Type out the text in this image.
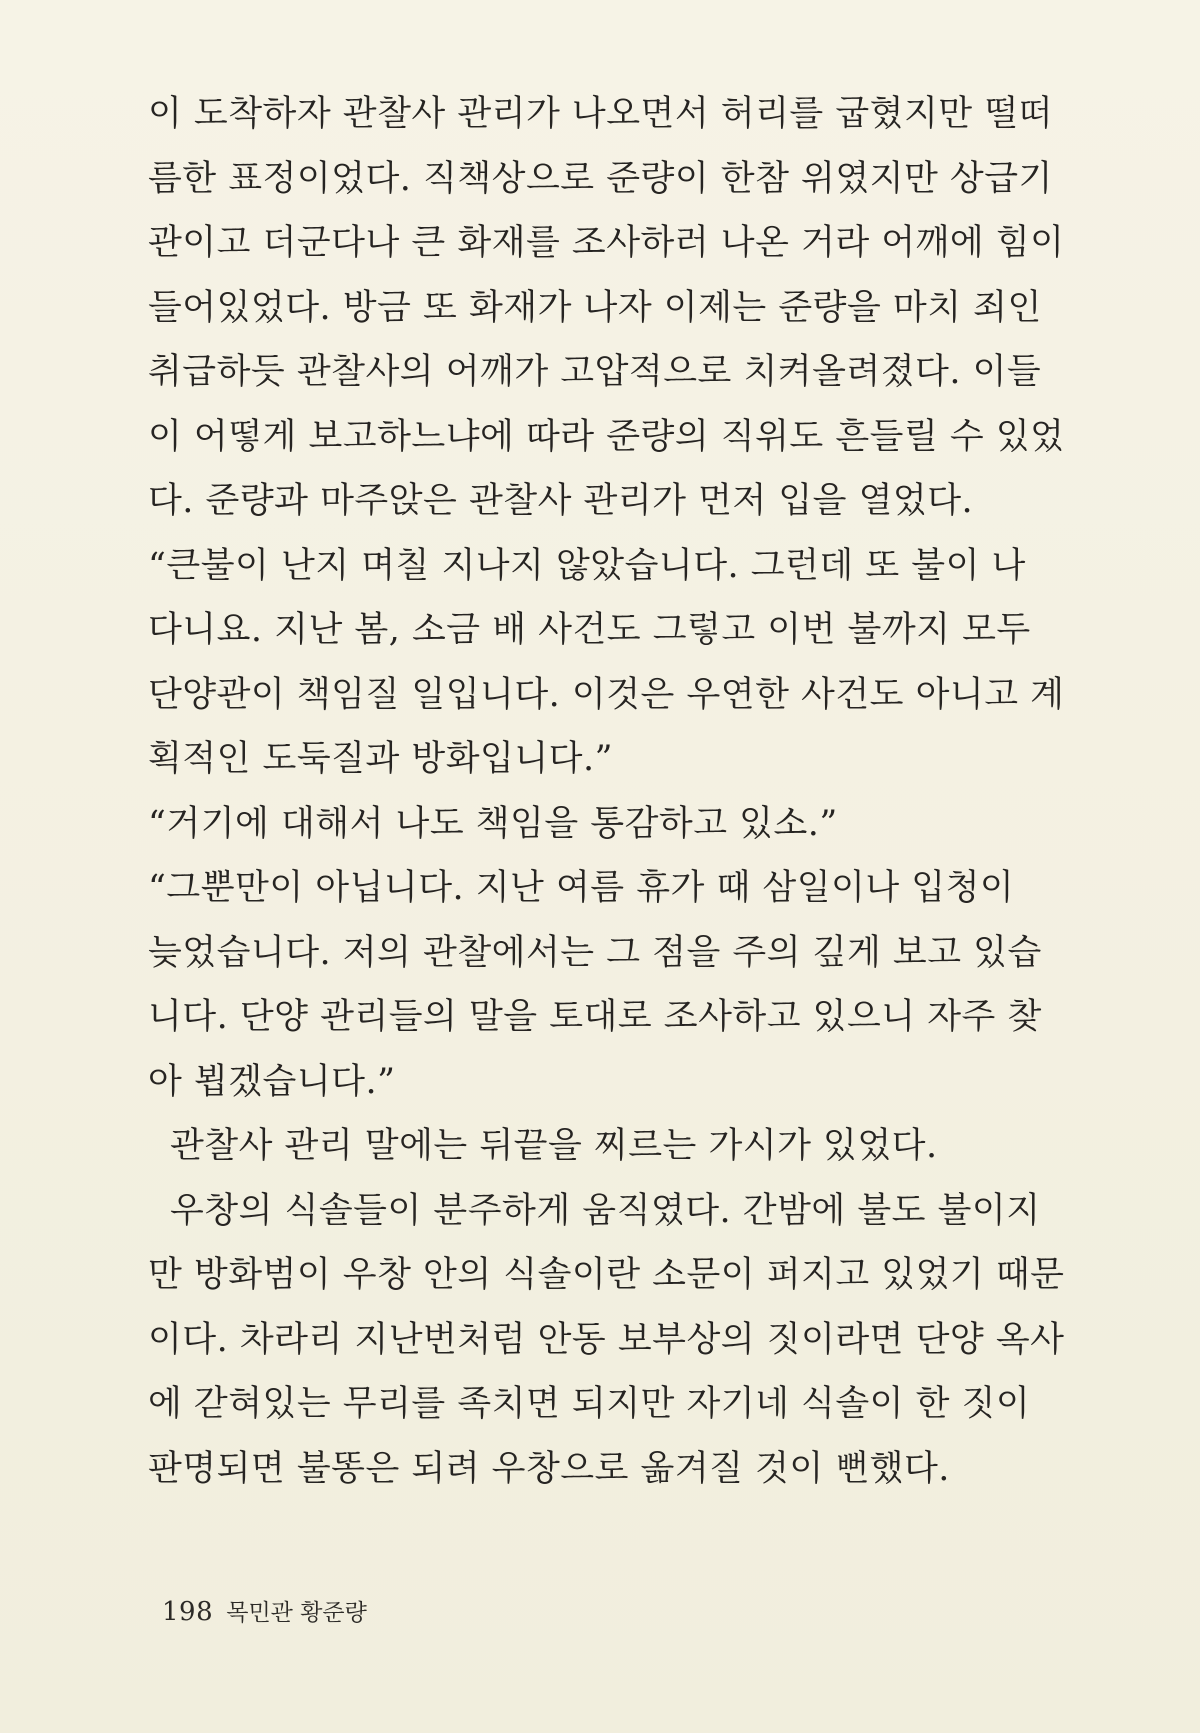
이 도착하자 관찰사 관리가 나오면서 허리를 굽혔지만 떨떠
름한 표정이었다. 직책상으로 준량이 한참 위였지만 상급기
관이고 더군다나 큰 화재를 조사하러 나온 거라 어깨에 힘이
들어있었다. 방금 또 화재가 나자 이제는 준량을 마치 죄인
취급하듯 관찰사의 어깨가 고압적으로 치켜올려졌다. 이들
이 어떻게 보고하느냐에 따라 준량의 직위도 흔들릴 수 있었
다. 준량과 마주앉은 관찰사 관리가 먼저 입을 열었다.
“큰불이 난지 며칠 지나지 않았습니다. 그런데 또 불이 나
다니요. 지난 봄, 소금 배 사건도 그렇고 이번 불까지 모두
단양관이 책임질 일입니다. 이것은 우연한 사건도 아니고 계
획적인 도둑질과 방화입니다.”
“거기에 대해서 나도 책임을 통감하고 있소.”
“그뿐만이 아닙니다. 지난 여름 휴가 때 삼일이나 입청이
늦었습니다. 저의 관찰에서는 그 점을 주의 깊게 보고 있습
니다. 단양 관리들의 말을 토대로 조사하고 있으니 자주 찾
아 뵙겠습니다.”
관찰사 관리 말에는 뒤끝을 찌르는 가시가 있었다.
우창의 식솔들이 분주하게 움직였다. 간밤에 불도 불이지
만 방화범이 우창 안의 식솔이란 소문이 퍼지고 있었기 때문
이다. 차라리 지난번처럼 안동 보부상의 짓이라면 단양 옥사
에 갇혀있는 무리를 족치면 되지만 자기네 식솔이 한 짓이
판명되면 불똥은 되려 우창으로 옮겨질 것이 뻔했다.
198 목민관 황준량
